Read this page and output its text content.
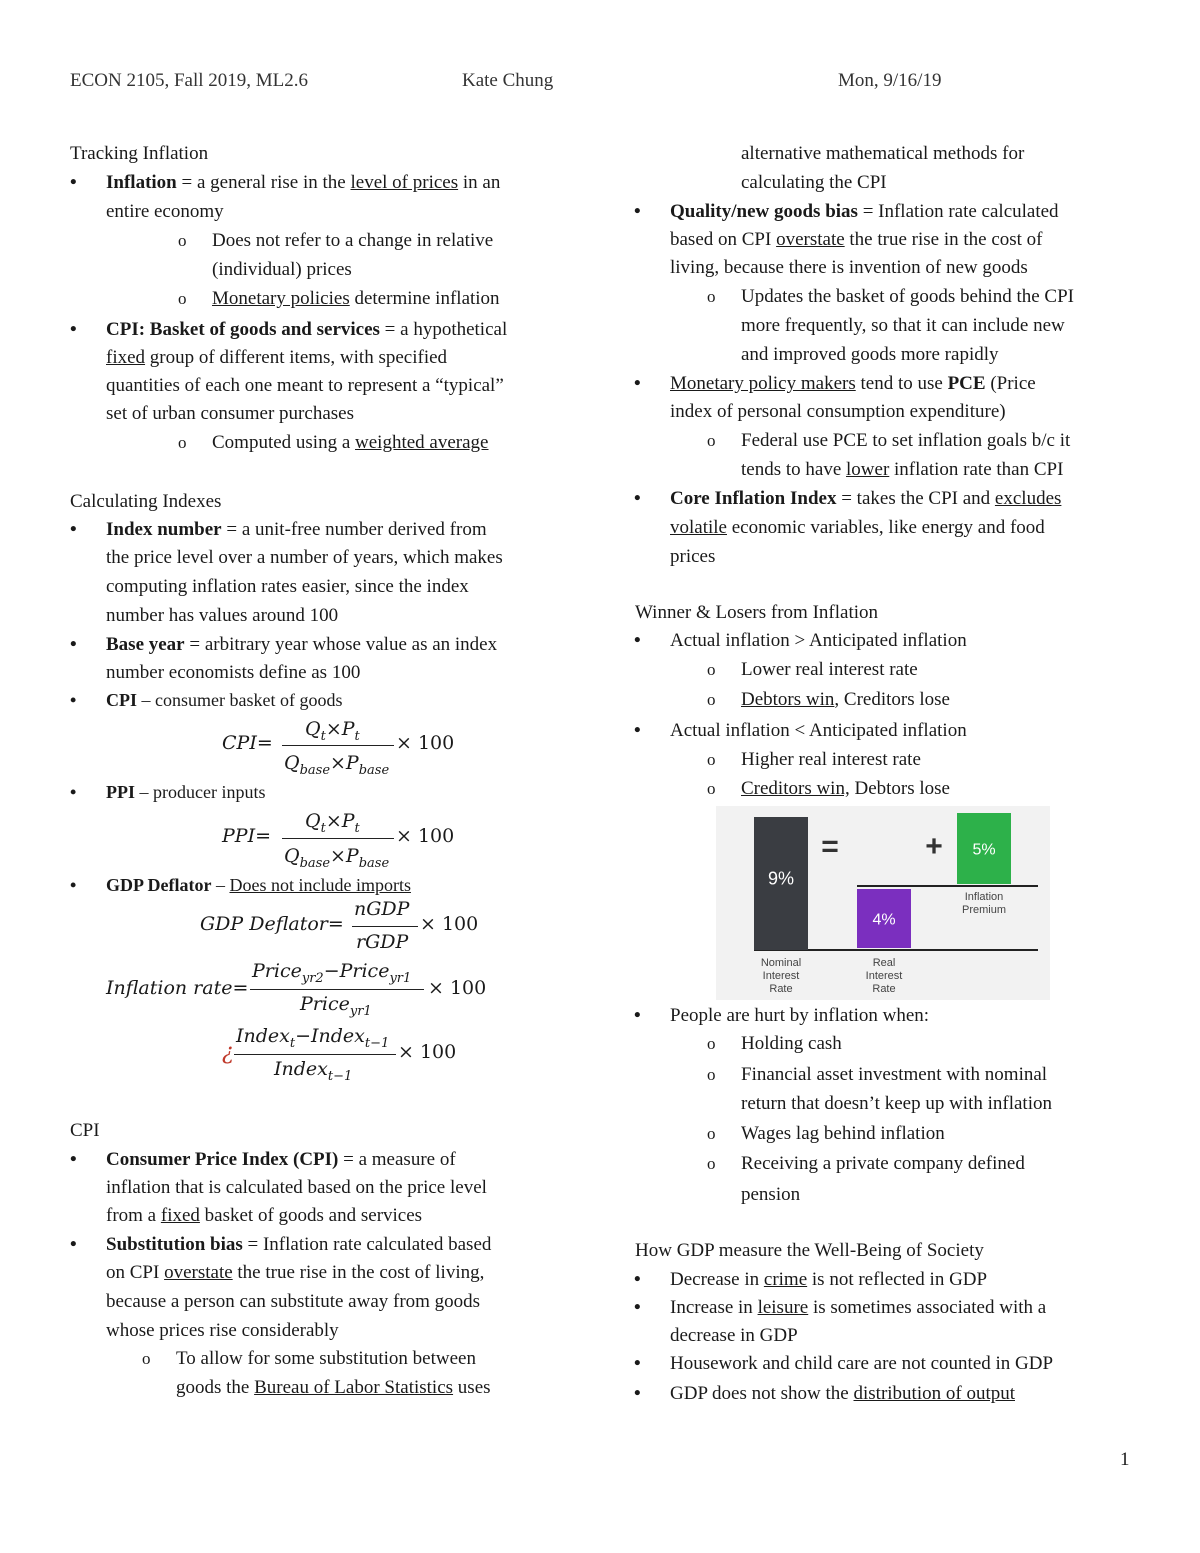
ECON 2105, Fall 2019, ML2.6	Kate Chung	Mon, 9/16/19
Tracking Inflation
• Inflation = a general rise in the level of prices in an
entire economy
o Does not refer to a change in relative
(individual) prices
o Monetary policies determine inflation
• CPI: Basket of goods and services = a hypothetical
fixed group of different items, with specified
quantities of each one meant to represent a “typical”
set of urban consumer purchases
o Computed using a weighted average
Calculating Indexes
• Index number = a unit-free number derived from
the price level over a number of years, which makes
computing inflation rates easier, since the index
number has values around 100
• Base year = arbitrary year whose value as an index
number economists define as 100
• CPI – consumer basket of goods
CPI=
$Q_t\times P_t$
$Q_{base}\times P_{base}$
× 100
• PPI – producer inputs
PPI=
$Q_t\times P_t$
$Q_{base}\times P_{base}$
× 100
• GDP Deflator – Does not include imports
GDP Deflator=
nGDP
rGDP
× 100
Inflation rate=
Price$_{yr2}$−Price$_{yr1}$
Price$_{yr1}$
× 100
¿
Index$_t$−Index$_{t-1}$
Index$_{t-1}$
× 100
CPI
• Consumer Price Index (CPI) = a measure of
inflation that is calculated based on the price level
from a fixed basket of goods and services
• Substitution bias = Inflation rate calculated based
on CPI overstate the true rise in the cost of living,
because a person can substitute away from goods
whose prices rise considerably
o To allow for some substitution between
goods the Bureau of Labor Statistics uses
alternative mathematical methods for
calculating the CPI
• Quality/new goods bias = Inflation rate calculated
based on CPI overstate the true rise in the cost of
living, because there is invention of new goods
o Updates the basket of goods behind the CPI
more frequently, so that it can include new
and improved goods more rapidly
• Monetary policy makers tend to use PCE (Price
index of personal consumption expenditure)
o Federal use PCE to set inflation goals b/c it
tends to have lower inflation rate than CPI
• Core Inflation Index = takes the CPI and excludes
volatile economic variables, like energy and food
prices
Winner & Losers from Inflation
• Actual inflation > Anticipated inflation
o Lower real interest rate
o Debtors win, Creditors lose
• Actual inflation < Anticipated inflation
o Higher real interest rate
o Creditors win, Debtors lose
9%
4%
5%
=	+
Nominal
Interest
Rate
Real
Interest
Rate
Inflation
Premium
• People are hurt by inflation when:
o Holding cash
o Financial asset investment with nominal
return that doesn’t keep up with inflation
o Wages lag behind inflation
o Receiving a private company defined
pension
How GDP measure the Well-Being of Society
• Decrease in crime is not reflected in GDP
• Increase in leisure is sometimes associated with a
decrease in GDP
• Housework and child care are not counted in GDP
• GDP does not show the distribution of output
1
